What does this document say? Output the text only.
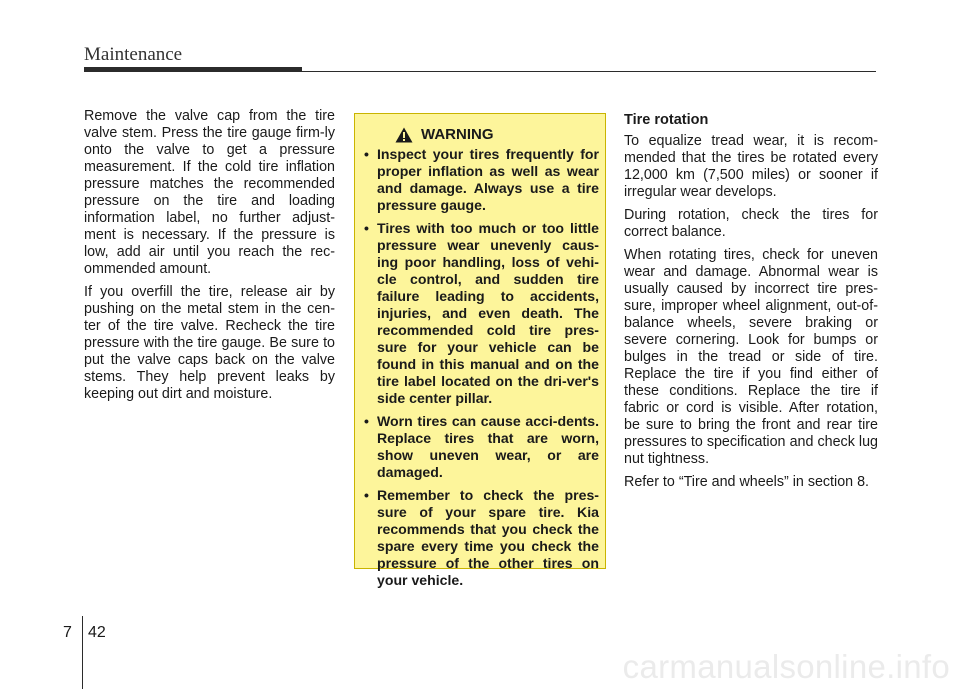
Maintenance

Remove the valve cap from the tire valve stem. Press the tire gauge firm-ly onto the valve to get a pressure measurement. If the cold tire inflation pressure matches the recommended pressure on the tire and loading information label, no further adjust-ment is necessary. If the pressure is low, add air until you reach the rec-ommended amount.

If you overfill the tire, release air by pushing on the metal stem in the cen-ter of the tire valve. Recheck the tire pressure with the tire gauge. Be sure to put the valve caps back on the valve stems. They help prevent leaks by keeping out dirt and moisture.

WARNING
• Inspect your tires frequently for proper inflation as well as wear and damage. Always use a tire pressure gauge.
• Tires with too much or too little pressure wear unevenly caus-ing poor handling, loss of vehi-cle control, and sudden tire failure leading to accidents, injuries, and even death. The recommended cold tire pres-sure for your vehicle can be found in this manual and on the tire label located on the dri-ver's side center pillar.
• Worn tires can cause acci-dents. Replace tires that are worn, show uneven wear, or are damaged.
• Remember to check the pres-sure of your spare tire. Kia recommends that you check the spare every time you check the pressure of the other tires on your vehicle.

Tire rotation

To equalize tread wear, it is recom-mended that the tires be rotated every 12,000 km (7,500 miles) or sooner if irregular wear develops.

During rotation, check the tires for correct balance.

When rotating tires, check for uneven wear and damage. Abnormal wear is usually caused by incorrect tire pres-sure, improper wheel alignment, out-of-balance wheels, severe braking or severe cornering. Look for bumps or bulges in the tread or side of tire. Replace the tire if you find either of these conditions. Replace the tire if fabric or cord is visible. After rotation, be sure to bring the front and rear tire pressures to specification and check lug nut tightness.

Refer to “Tire and wheels” in section 8.

7 42
carmanualsonline.info
